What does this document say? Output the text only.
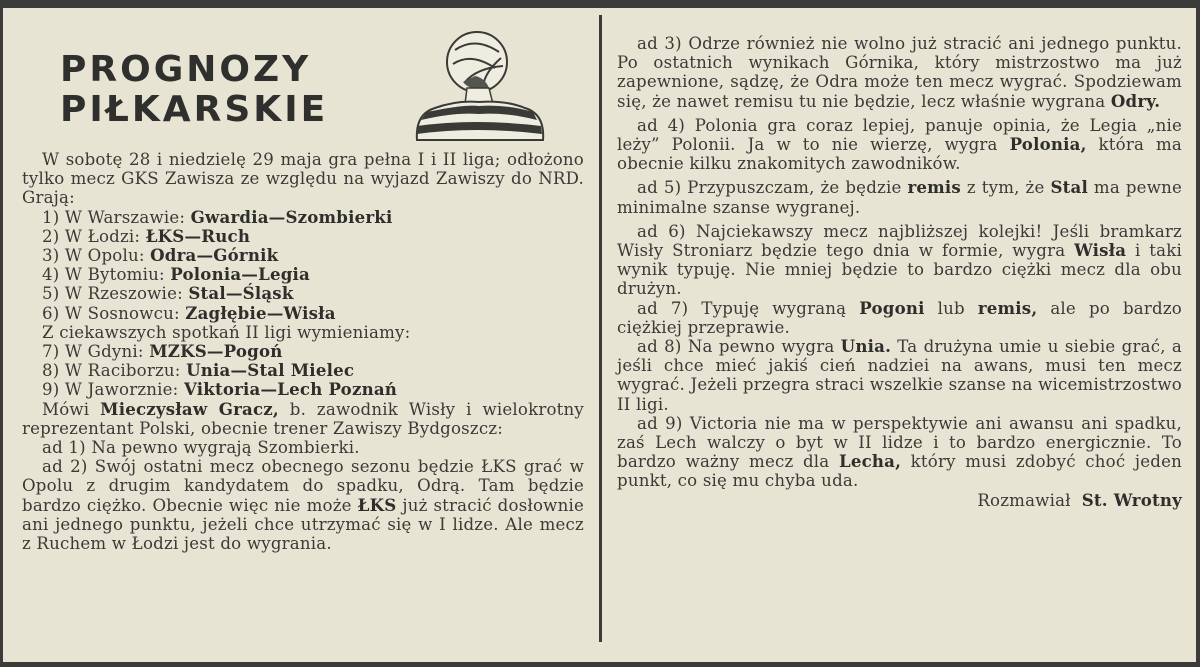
PROGNOZY
PIŁKARSKIE

W sobotę 28 i niedzielę 29 maja gra pełna I i II liga; odłożono tylko mecz GKS Zawisza ze względu na wyjazd Zawiszy do NRD. Grają:

1) W Warszawie: Gwardia—Szombierki

2) W Łodzi: ŁKS—Ruch

3) W Opolu: Odra—Górnik

4) W Bytomiu: Polonia—Legia

5) W Rzeszowie: Stal—Śląsk

6) W Sosnowcu: Zagłębie—Wisła

Z ciekawszych spotkań II ligi wymieniamy:

7) W Gdyni: MZKS—Pogoń

8) W Raciborzu: Unia—Stal Mielec

9) W Jaworznie: Viktoria—Lech Poznań

Mówi Mieczysław Gracz, b. zawodnik Wisły i wielokrotny reprezentant Polski, obecnie trener Zawiszy Bydgoszcz:

ad 1) Na pewno wygrają Szombierki.

ad 2) Swój ostatni mecz obecnego sezonu będzie ŁKS grać w Opolu z drugim kandydatem do spadku, Odrą. Tam będzie bardzo ciężko. Obecnie więc nie może ŁKS już stracić dosłownie ani jednego punktu, jeżeli chce utrzymać się w I lidze. Ale mecz z Ruchem w Łodzi jest do wygrania.

ad 3) Odrze również nie wolno już stracić ani jednego punktu. Po ostatnich wynikach Górnika, który mistrzostwo ma już zapewnione, sądzę, że Odra może ten mecz wygrać. Spodziewam się, że nawet remisu tu nie będzie, lecz właśnie wygrana Odry.

ad 4) Polonia gra coraz lepiej, panuje opinia, że Legia „nie leży” Polonii. Ja w to nie wierzę, wygra Polonia, która ma obecnie kilku znakomitych zawodników.

ad 5) Przypuszczam, że będzie remis z tym, że Stal ma pewne minimalne szanse wygranej.

ad 6) Najciekawszy mecz najbliższej kolejki! Jeśli bramkarz Wisły Stroniarz będzie tego dnia w formie, wygra Wisła i taki wynik typuję. Nie mniej będzie to bardzo ciężki mecz dla obu drużyn.

ad 7) Typuję wygraną Pogoni lub remis, ale po bardzo ciężkiej przeprawie.

ad 8) Na pewno wygra Unia. Ta drużyna umie u siebie grać, a jeśli chce mieć jakiś cień nadziei na awans, musi ten mecz wygrać. Jeżeli przegra straci wszelkie szanse na wicemistrzostwo II ligi.

ad 9) Victoria nie ma w perspektywie ani awansu ani spadku, zaś Lech walczy o byt w II lidze i to bardzo energicznie. To bardzo ważny mecz dla Lecha, który musi zdobyć choć jeden punkt, co się mu chyba uda.

Rozmawiał St. Wrotny
